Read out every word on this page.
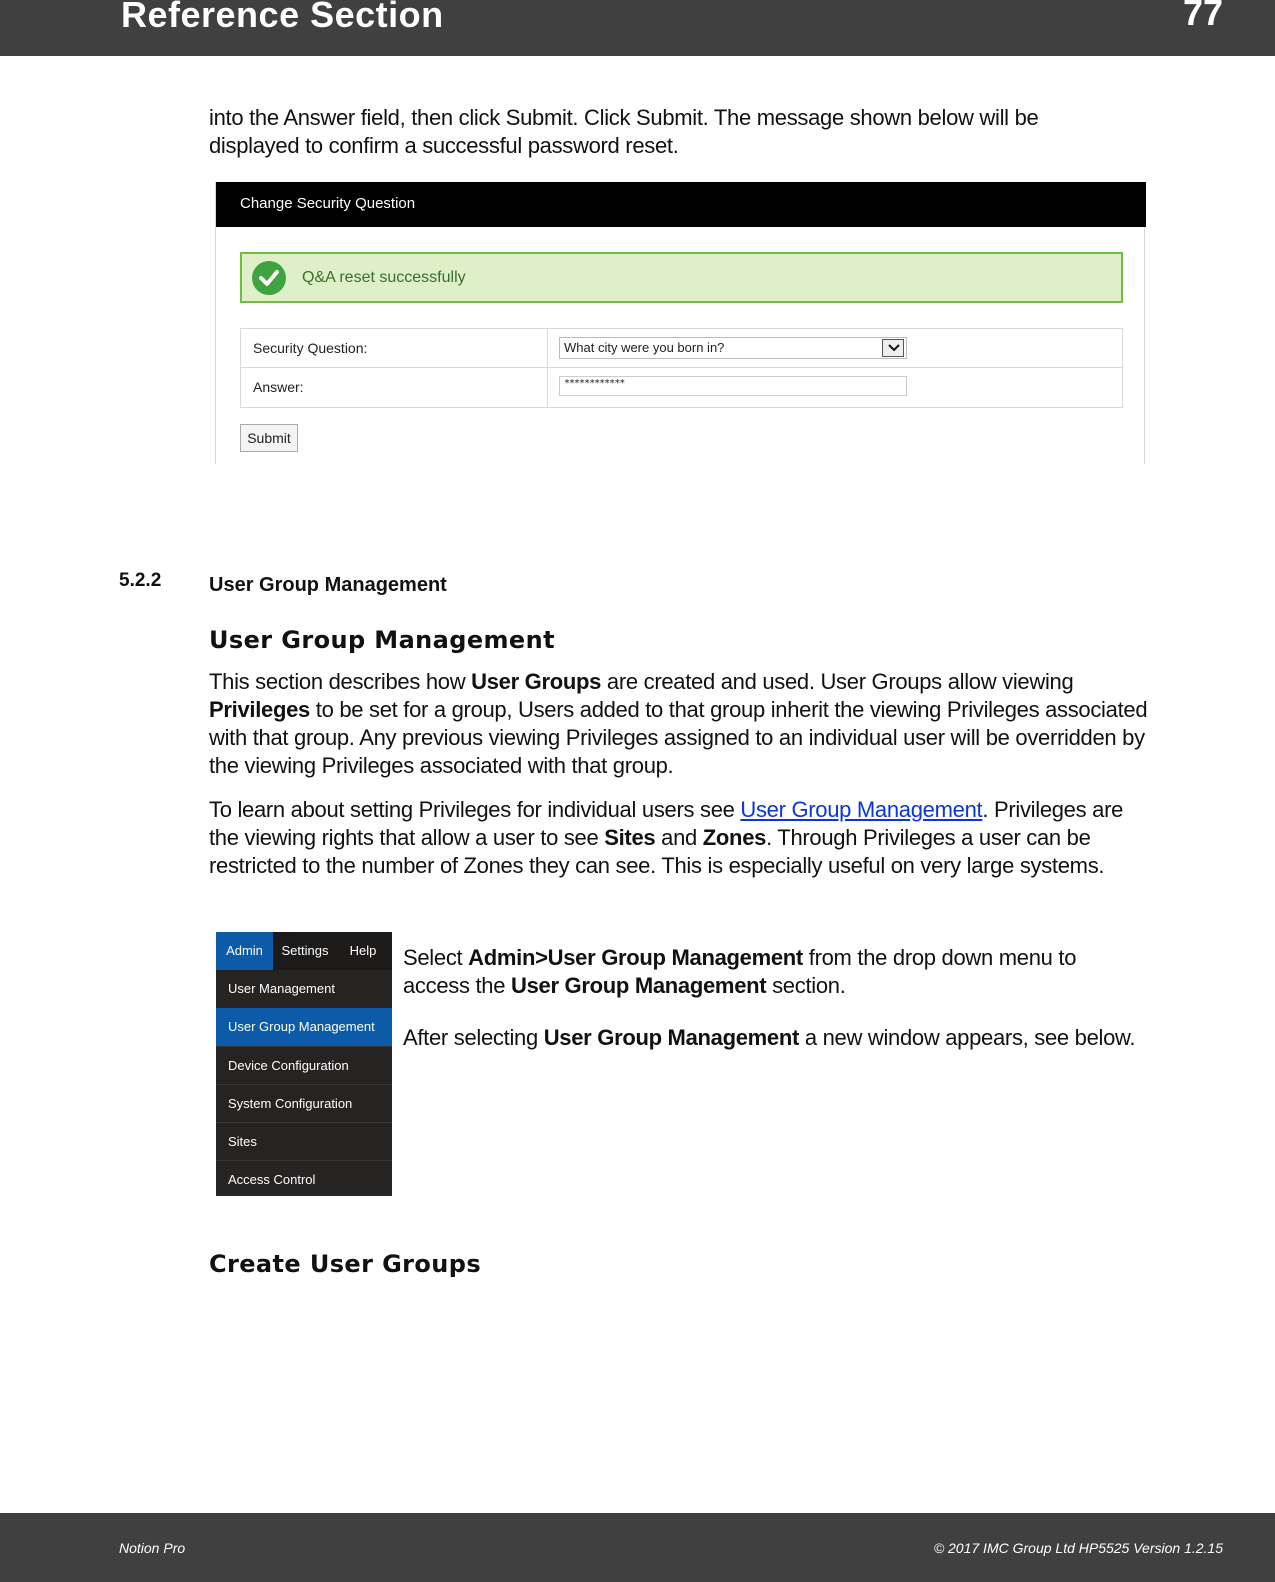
Reference Section	77
into the Answer field, then click Submit. Click Submit. The message shown below will be
displayed to confirm a successful password reset.
Change Security Question
Q&A reset successfully
Security Question:	What city were you born in?
Answer:	************
Submit
5.2.2 User Group Management
User Group Management
This section describes how User Groups are created and used. User Groups allow viewing Privileges to be set for a group, Users added to that group inherit the viewing Privileges associated with that group. Any previous viewing Privileges assigned to an individual user will be overridden by the viewing Privileges associated with that group.
To learn about setting Privileges for individual users see User Group Management. Privileges are the viewing rights that allow a user to see Sites and Zones. Through Privileges a user can be restricted to the number of Zones they can see. This is especially useful on very large systems.
Admin	Settings	Help
User Management
User Group Management
Device Configuration
System Configuration
Sites
Access Control
Select Admin>User Group Management from the drop down menu to access the User Group Management section.
After selecting User Group Management a new window appears, see below.
Create User Groups
Notion Pro	© 2017 IMC Group Ltd HP5525 Version 1.2.15
